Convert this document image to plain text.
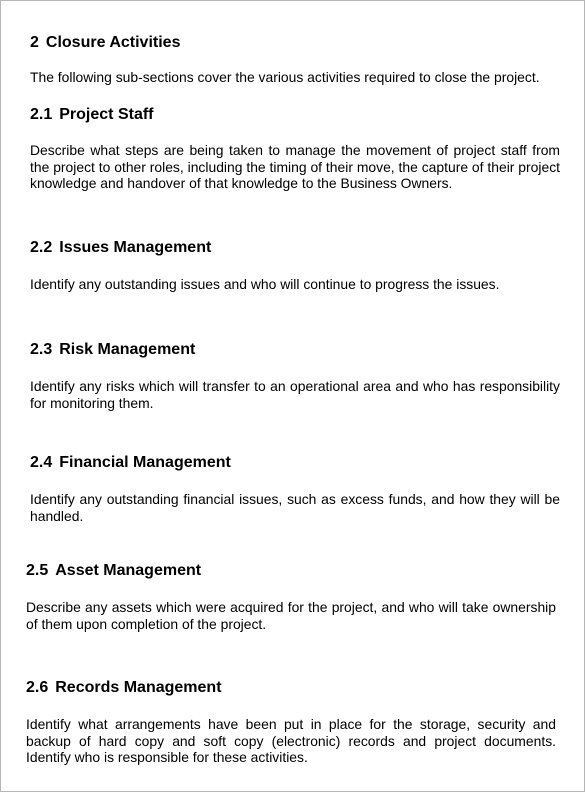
2 Closure Activities

The following sub-sections cover the various activities required to close the project.

2.1 Project Staff

Describe what steps are being taken to manage the movement of project staff from the project to other roles, including the timing of their move, the capture of their project knowledge and handover of that knowledge to the Business Owners.

2.2 Issues Management

Identify any outstanding issues and who will continue to progress the issues.

2.3 Risk Management

Identify any risks which will transfer to an operational area and who has responsibility for monitoring them.

2.4 Financial Management

Identify any outstanding financial issues, such as excess funds, and how they will be handled.

2.5 Asset Management

Describe any assets which were acquired for the project, and who will take ownership of them upon completion of the project.

2.6 Records Management

Identify what arrangements have been put in place for the storage, security and backup of hard copy and soft copy (electronic) records and project documents. Identify who is responsible for these activities.
